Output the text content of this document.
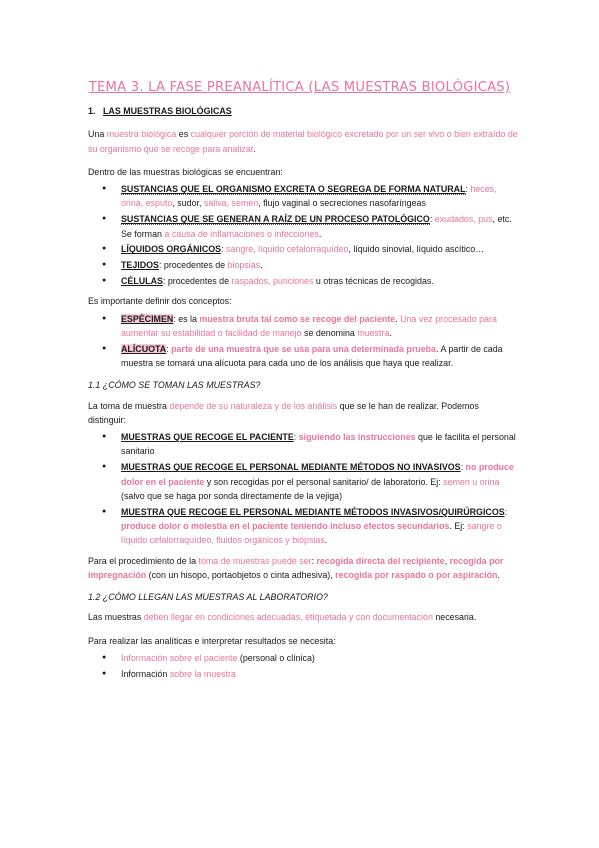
TEMA 3. LA FASE PREANALÍTICA (LAS MUESTRAS BIOLÓGICAS)
1. LAS MUESTRAS BIOLÓGICAS

Una muestra biológica es cualquier porción de material biológico excretado por un ser vivo o bien extraído de su organismo que se recoge para analizar.

Dentro de las muestras biológicas se encuentran:

● SUSTANCIAS QUE EL ORGANISMO EXCRETA O SEGREGA DE FORMA NATURAL: heces, orina, esputo, sudor, saliva, semen, flujo vaginal o secreciones nasofaríngeas
● SUSTANCIAS QUE SE GENERAN A RAÍZ DE UN PROCESO PATOLÓGICO: exudados, pus, etc. Se forman a causa de inflamaciones o infecciones.
● LÍQUIDOS ORGÁNICOS: sangre, líquido cefalorraquídeo, líquido sinovial, líquido ascítico…
● TEJIDOS: procedentes de biopsias.
● CÉLULAS: procedentes de raspados, punciones u otras técnicas de recogidas.

Es importante definir dos conceptos:

● ESPÉCIMEN: es la muestra bruta tal como se recoge del paciente. Una vez procesado para aumentar su estabilidad o facilidad de manejo se denomina muestra.
● ALÍCUOTA: parte de una muestra que se usa para una determinada prueba. A partir de cada muestra se tomará una alícuota para cada uno de los análisis que haya que realizar.

1.1 ¿CÓMO SE TOMAN LAS MUESTRAS?

La toma de muestra depende de su naturaleza y de los análisis que se le han de realizar. Podemos distinguir:

● MUESTRAS QUE RECOGE EL PACIENTE: siguiendo las instrucciones que le facilita el personal sanitario
● MUESTRAS QUE RECOGE EL PERSONAL MEDIANTE MÉTODOS NO INVASIVOS: no produce dolor en el paciente y son recogidas por el personal sanitario/ de laboratorio. Ej: semen u orina (salvo que se haga por sonda directamente de la vejiga)
● MUESTRA QUE RECOGE EL PERSONAL MEDIANTE MÉTODOS INVASIVOS/QUIRÚRGICOS: produce dolor o molestia en el paciente teniendo incluso efectos secundarios. Ej: sangre o líquido cefalorraquídeo, fluidos orgánicos y biopsias.

Para el procedimiento de la toma de muestras puede ser: recogida directa del recipiente, recogida por impregnación (con un hisopo, portaobjetos o cinta adhesiva), recogida por raspado o por aspiración.

1.2 ¿CÓMO LLEGAN LAS MUESTRAS AL LABORATORIO?

Las muestras deben llegar en condiciones adecuadas, etiquetada y con documentación necesaria.

Para realizar las analíticas e interpretar resultados se necesita:

● Información sobre el paciente (personal o clínica)
● Información sobre la muestra
